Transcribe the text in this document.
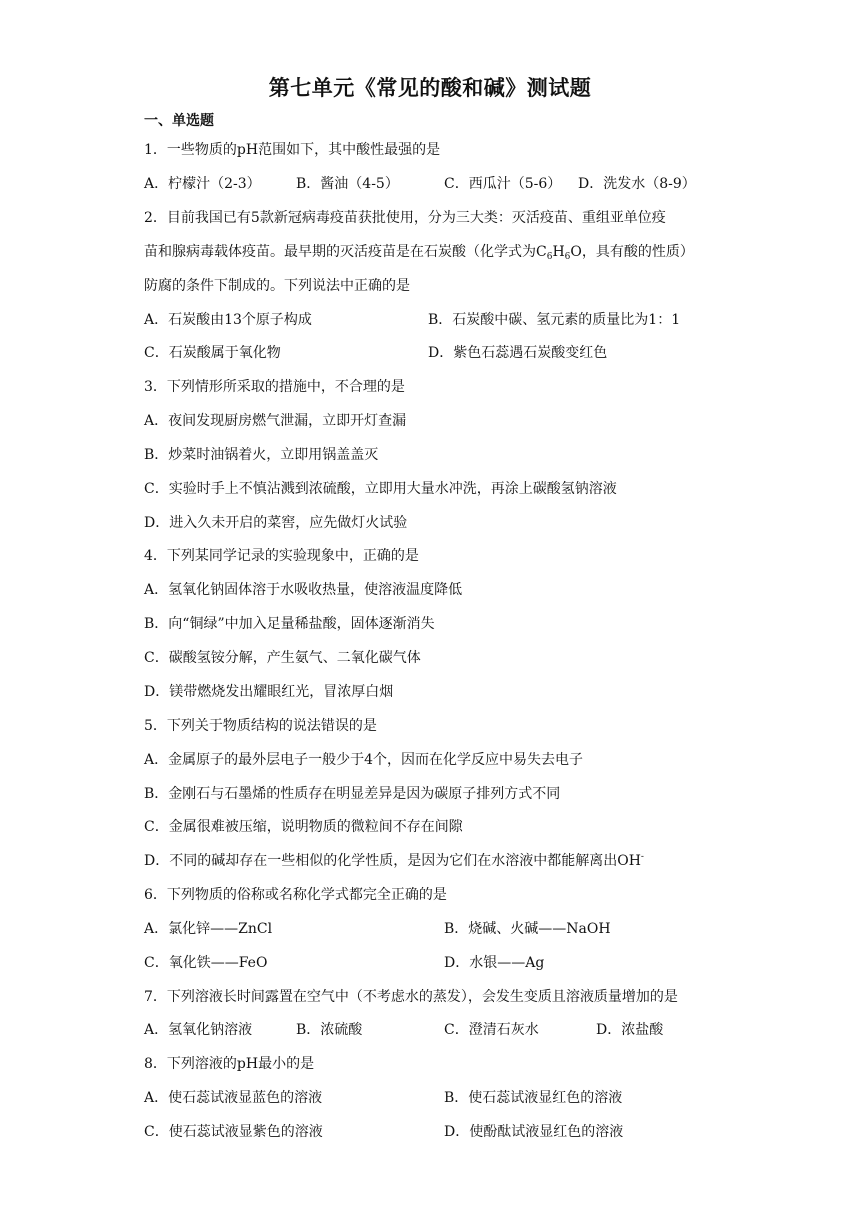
第七单元《常见的酸和碱》测试题
一、单选题
1．一些物质的pH范围如下，其中酸性最强的是
A．柠檬汁（2-3）	B．酱油（4-5）	C．西瓜汁（5-6） D．洗发水（8-9）
2．目前我国已有5款新冠病毒疫苗获批使用，分为三大类：灭活疫苗、重组亚单位疫
苗和腺病毒载体疫苗。最早期的灭活疫苗是在石炭酸（化学式为$C_6H_6O$，具有酸的性质）
防腐的条件下制成的。下列说法中正确的是
A．石炭酸由13个原子构成	B．石炭酸中碳、氢元素的质量比为1：1
C．石炭酸属于氧化物	D．紫色石蕊遇石炭酸变红色
3．下列情形所采取的措施中，不合理的是
A．夜间发现厨房燃气泄漏，立即开灯查漏
B．炒菜时油锅着火，立即用锅盖盖灭
C．实验时手上不慎沾溅到浓硫酸，立即用大量水冲洗，再涂上碳酸氢钠溶液
D．进入久未开启的菜窖，应先做灯火试验
4．下列某同学记录的实验现象中，正确的是
A．氢氧化钠固体溶于水吸收热量，使溶液温度降低
B．向“铜绿”中加入足量稀盐酸，固体逐渐消失
C．碳酸氢铵分解，产生氨气、二氧化碳气体
D．镁带燃烧发出耀眼红光，冒浓厚白烟
5．下列关于物质结构的说法错误的是
A．金属原子的最外层电子一般少于4个，因而在化学反应中易失去电子
B．金刚石与石墨烯的性质存在明显差异是因为碳原子排列方式不同
C．金属很难被压缩，说明物质的微粒间不存在间隙
D．不同的碱却存在一些相似的化学性质，是因为它们在水溶液中都能解离出OH-
6．下列物质的俗称或名称化学式都完全正确的是
A．氯化锌——ZnCl	B．烧碱、火碱——NaOH
C．氧化铁——FeO	D．水银——Ag
7．下列溶液长时间露置在空气中（不考虑水的蒸发），会发生变质且溶液质量增加的是
A．氢氧化钠溶液	B．浓硫酸	C．澄清石灰水	D．浓盐酸
8．下列溶液的pH最小的是
A．使石蕊试液显蓝色的溶液	B．使石蕊试液显红色的溶液
C．使石蕊试液显紫色的溶液	D．使酚酞试液显红色的溶液
